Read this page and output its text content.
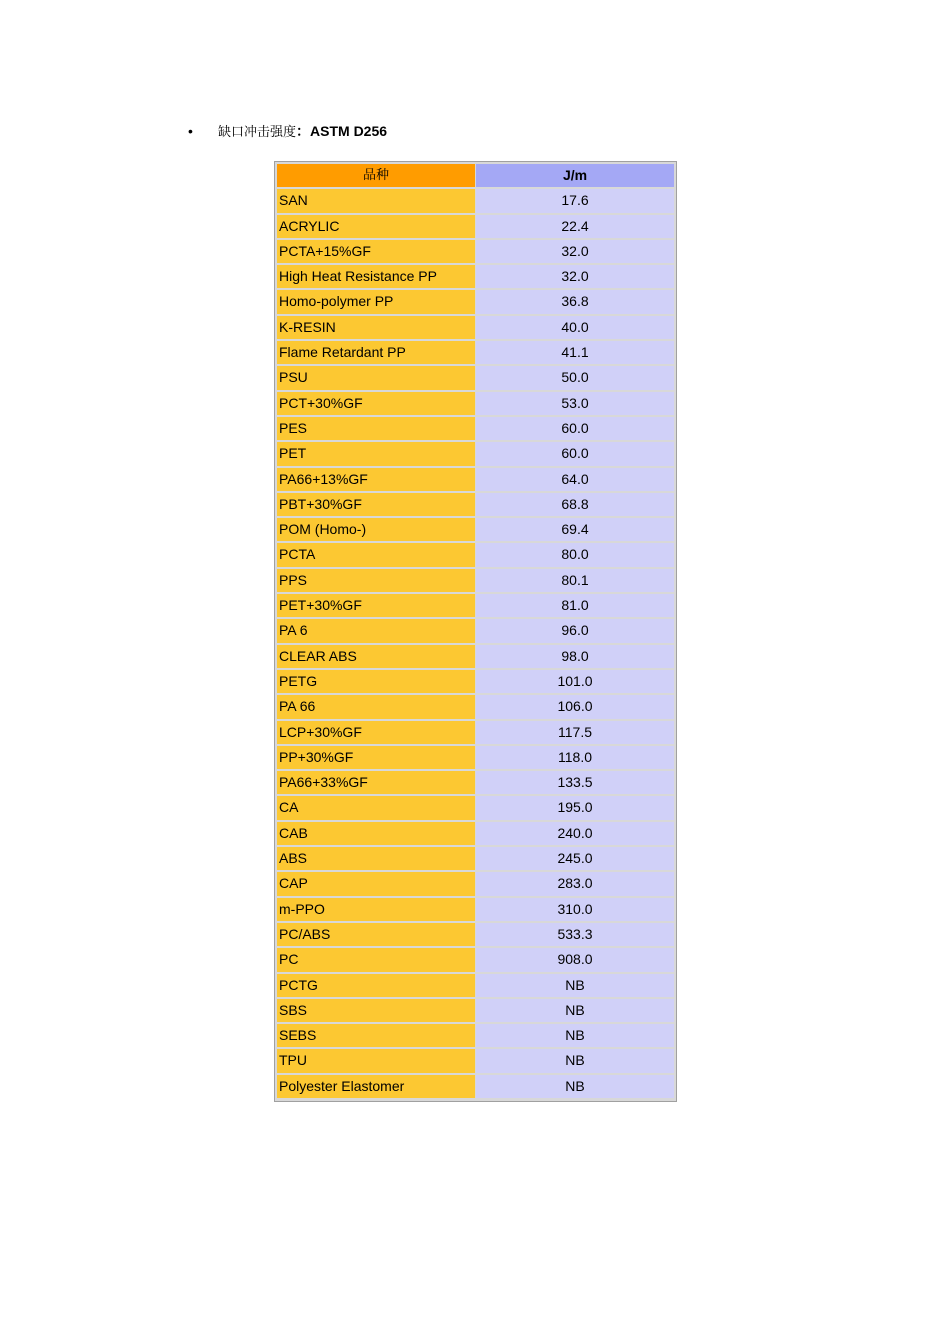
• 缺口冲击强度：ASTM D256
品种	J/m
SAN	17.6
ACRYLIC	22.4
PCTA+15%GF	32.0
High Heat Resistance PP	32.0
Homo-polymer PP	36.8
K-RESIN	40.0
Flame Retardant PP	41.1
PSU	50.0
PCT+30%GF	53.0
PES	60.0
PET	60.0
PA66+13%GF	64.0
PBT+30%GF	68.8
POM (Homo-)	69.4
PCTA	80.0
PPS	80.1
PET+30%GF	81.0
PA 6	96.0
CLEAR ABS	98.0
PETG	101.0
PA 66	106.0
LCP+30%GF	117.5
PP+30%GF	118.0
PA66+33%GF	133.5
CA	195.0
CAB	240.0
ABS	245.0
CAP	283.0
m-PPO	310.0
PC/ABS	533.3
PC	908.0
PCTG	NB
SBS	NB
SEBS	NB
TPU	NB
Polyester Elastomer	NB
